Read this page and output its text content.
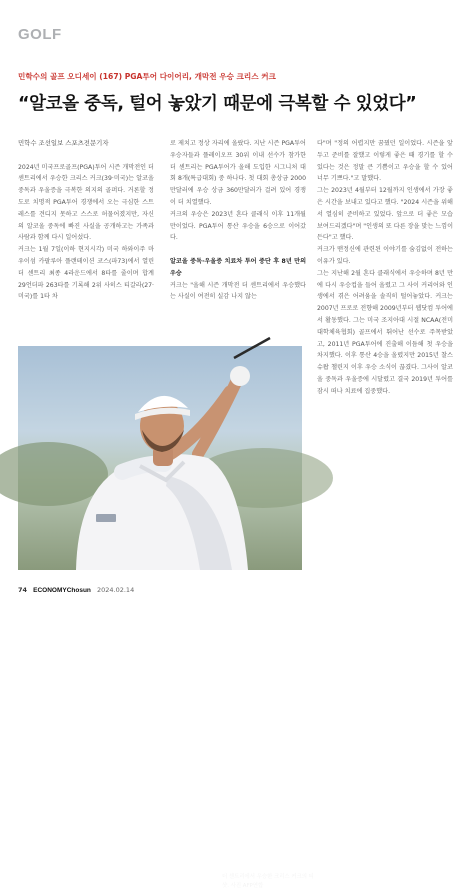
GOLF
민학수의 골프 오디세이 (167) PGA투어 다이어리, 개막전 우승 크리스 커크
“알코올 중독, 털어 놓았기 때문에 극복할 수 있었다”

민학수 조선일보 스포츠전문기자

2024년 미국프로골프(PGA)투어 시즌 개막전인 더 센트리에서 우승한 크리스 커크(39·미국)는 알코올 중독과 우울증을 극복한 의지의 골퍼다. 거론할 정도로 치명적 PGA투어 경쟁에서 오는 극심한 스트레스를 견디지 못하고 스스로 허물어졌지만, 자신의 알코올 중독에 빠진 사실을 공개하고는 가족과 사람과 함께 다시 일어섰다.

커크는 1월 7일(이하 현지시각) 미국 하와이주 마우이섬 카팔루아 플랜테이션 코스(파73)에서 열린 더 센트리 최종 4라운드에서 8타를 줄이며 합계 29언더파 263타를 기록해 2위 사히스 티갈라(27·미국)를 1타 차

로 제치고 정상 자리에 올랐다. 지난 시즌 PGA투어 우승자들과 플레이오프 30위 이내 선수가 참가한 더 센트리는 PGA투어가 올해 도입한 시그니처 대회 8개(특급대회) 중 하나다. 첫 대회 총상금 2000만달러에 우승 상금 360만달러가 걸려 있어 경쟁이 더 치열했다.

커크의 우승은 2023년 혼다 클래식 이후 11개월 만이었다. PGA투어 통산 우승을 6승으로 이어갔다.

알코올 중독·우울증 치료차 투어 중단 후 8년 만의 우승

커크는 "올해 시즌 개막전 더 센트리에서 우승했다는 사실이 여전히 실감 나지 않는

다"며 "정의 어렵지만 꿈꿨던 일이었다. 시즌을 앞두고 준비를 잘했고 이렇게 좋은 때 경기를 할 수 있다는 것은 정말 큰 기쁨이고 우승을 할 수 있어 너무 기쁘다."고 말했다.

그는 2023년 4월부터 12월까지 인생에서 가장 좋은 시간을 보내고 있다고 했다. "2024 시즌을 위해서 열심히 준비하고 있었다. 앞으로 더 좋은 모습 보여드리겠다"며 "인생의 또 다른 장을 맞는 느낌이 든다"고 했다.

커크가 맨정신에 관련된 이야기를 숨김없이 전하는 이유가 있다.

그는 지난해 2월 혼다 클래식에서 우승하며 8년 만에 다시 우승컵을 들어 올렸고 그 사이 커리어와 인생에서 겪은 어려움을 솔직히 털어놓았다. 커크는 2007년 프로로 전향해 2009년부터 웹닷컴 투어에서 활동했다. 그는 미국 조지아대 시절 NCAA(전미대학체육협회) 골프에서 뛰어난 선수로 주목받았고, 2011년 PGA투어에 진출해 이듬해 첫 우승을 차지했다. 이후 통산 4승을 올렸지만 2015년 찰스 슈왑 챌린지 이후 우승 소식이 끊겼다. 그사이 알코올 중독과 우울증에 시달렸고 결국 2019년 투어를 잠시 떠나 치료에 집중했다.

더 센트리에서 우승한 크리스 커크의 티샷. 사진 AFP연합
74 ECONOMYChosun 2024.02.14
